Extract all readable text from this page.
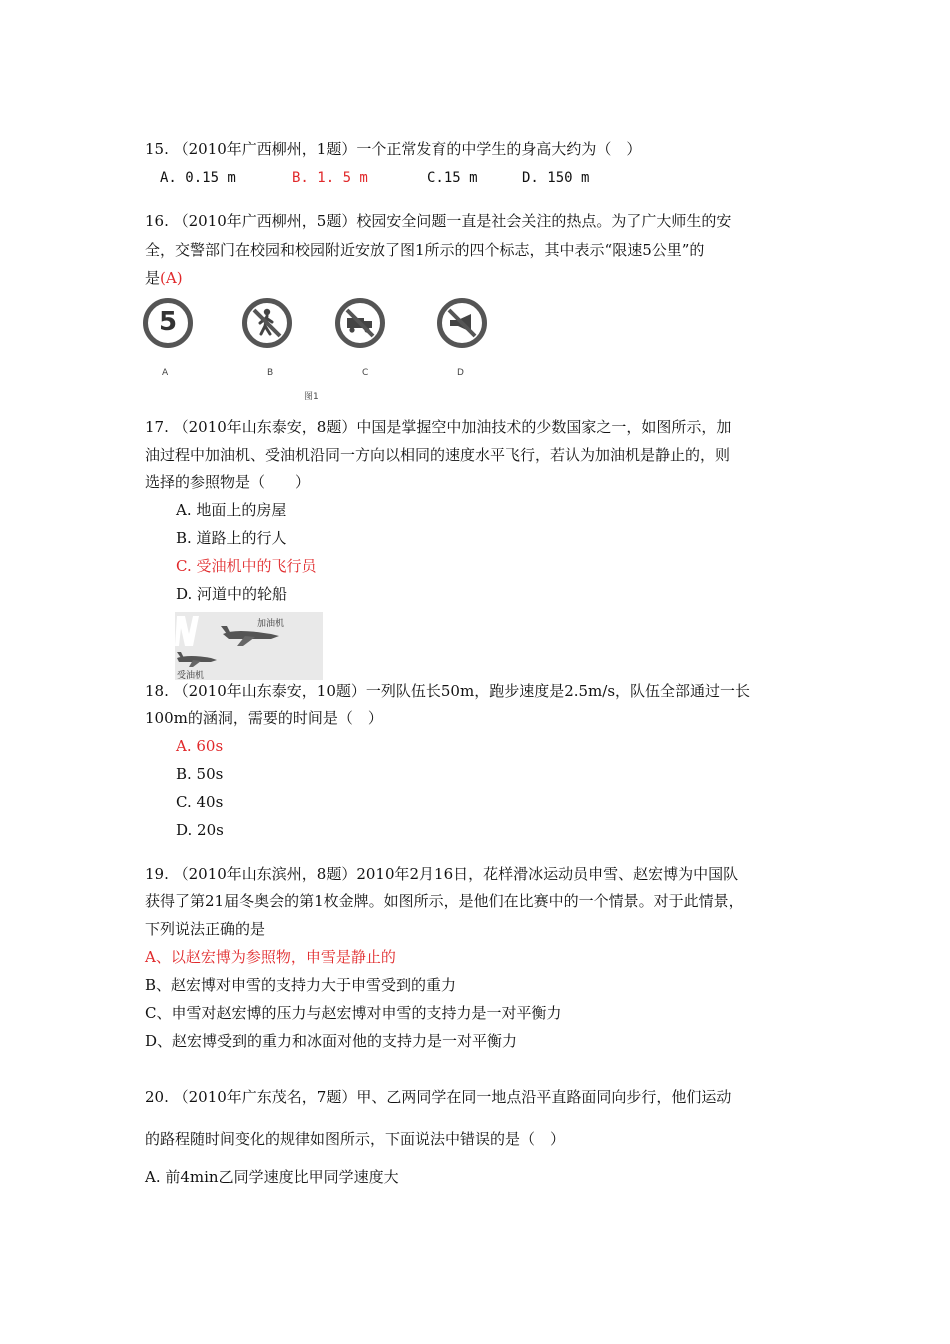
15. （2010年广西柳州，1题）一个正常发育的中学生的身高大约为（　）
A. 0.15 m	B. 1. 5 m	C.15 m	D. 150 m
16. （2010年广西柳州，5题）校园安全问题一直是社会关注的热点。为了广大师生的安
全，交警部门在校园和校园附近安放了图1所示的四个标志，其中表示“限速5公里”的
是(A)
5
A	B	C	D
图1
17. （2010年山东泰安，8题）中国是掌握空中加油技术的少数国家之一，如图所示，加
油过程中加油机、受油机沿同一方向以相同的速度水平飞行，若认为加油机是静止的，则
选择的参照物是（　　）
A. 地面上的房屋
B. 道路上的行人
C. 受油机中的飞行员
D. 河道中的轮船
加油机
受油机
18. （2010年山东泰安，10题）一列队伍长50m，跑步速度是2.5m/s，队伍全部通过一长
100m的涵洞，需要的时间是（　）
A. 60s
B. 50s
C. 40s
D. 20s
19. （2010年山东滨州，8题）2010年2月16日，花样滑冰运动员申雪、赵宏博为中国队
获得了第21届冬奥会的第1枚金牌。如图所示，是他们在比赛中的一个情景。对于此情景，
下列说法正确的是
A、以赵宏博为参照物，申雪是静止的
B、赵宏博对申雪的支持力大于申雪受到的重力
C、申雪对赵宏博的压力与赵宏博对申雪的支持力是一对平衡力
D、赵宏博受到的重力和冰面对他的支持力是一对平衡力
20. （2010年广东茂名，7题）甲、乙两同学在同一地点沿平直路面同向步行，他们运动
的路程随时间变化的规律如图所示，下面说法中错误的是（　）
A. 前4min乙同学速度比甲同学速度大
